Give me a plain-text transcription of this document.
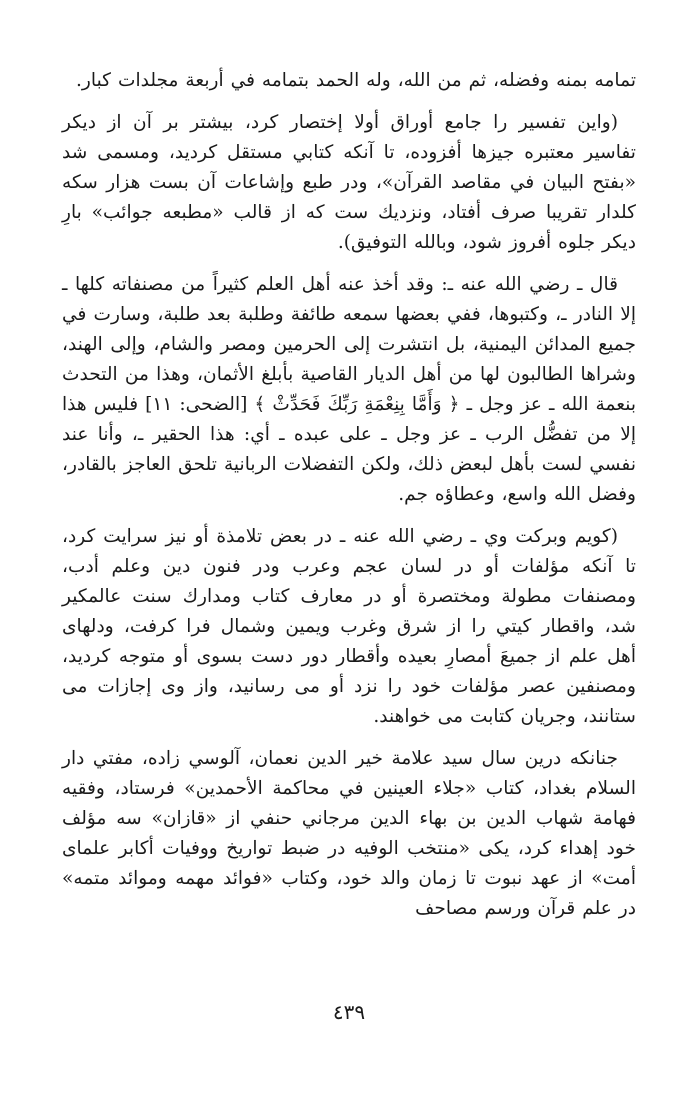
تمامه بمنه وفضله، ثم من الله، وله الحمد بتمامه في أربعة مجلدات كبار.

(واين تفسير را جامع أوراق أولا إختصار كرد، بيشتر بر آن از ديكر تفاسير معتبره جيزها أفزوده، تا آنكه كتابي مستقل كرديد، ومسمى شد «بفتح البيان في مقاصد القرآن»، ودر طبع وإشاعات آن بست هزار سكه كلدار تقريبا صرف أفتاد، ونزديك ست كه از قالب «مطبعه جوائب» بارِ ديكر جلوه أفروز شود، وبالله التوفيق).

قال ـ رضي الله عنه ـ: وقد أخذ عنه أهل العلم كثيراً من مصنفاته كلها ـ إلا النادر ـ، وكتبوها، ففي بعضها سمعه طائفة وطلبة بعد طلبة، وسارت في جميع المدائن اليمنية، بل انتشرت إلى الحرمين ومصر والشام، وإلى الهند، وشراها الطالبون لها من أهل الديار القاصية بأبلغ الأثمان، وهذا من التحدث بنعمة الله ـ عز وجل ـ ﴿ وَأَمَّا بِنِعْمَةِ رَبِّكَ فَحَدِّثْ ﴾ [الضحى: ١١] فليس هذا إلا من تفضُّل الرب ـ عز وجل ـ على عبده ـ أي: هذا الحقير ـ، وأنا عند نفسي لست بأهل لبعض ذلك، ولكن التفضلات الربانية تلحق العاجز بالقادر، وفضل الله واسع، وعطاؤه جم.

(كويم وبركت وي ـ رضي الله عنه ـ در بعض تلامذة أو نيز سرايت كرد، تا آنكه مؤلفات أو در لسان عجم وعرب ودر فنون دين وعلم أدب، ومصنفات مطولة ومختصرة أو در معارف كتاب ومدارك سنت عالمكير شد، واقطار كيتي را از شرق وغرب ويمين وشمال فرا كرفت، ودلهاى أهل علم از جميعَ أمصارِ بعيده وأقطار دور دست بسوى أو متوجه كرديد، ومصنفين عصر مؤلفات خود را نزد أو مى رسانيد، واز وى إجازات مى ستانند، وجريان كتابت مى خواهند.

جنانكه درين سال سيد علامة خير الدين نعمان، آلوسي زاده، مفتي دار السلام بغداد، كتاب «جلاء العينين في محاكمة الأحمدين» فرستاد، وفقيه فهامة شهاب الدين بن بهاء الدين مرجاني حنفي از «قازان» سه مؤلف خود إهداء كرد، يكى «منتخب الوفيه در ضبط تواريخ ووفيات أكابر علماى أمت» از عهد نبوت تا زمان والد خود، وكتاب «فوائد مهمه وموائد متمه» در علم قرآن ورسم مصاحف

٤٣٩
